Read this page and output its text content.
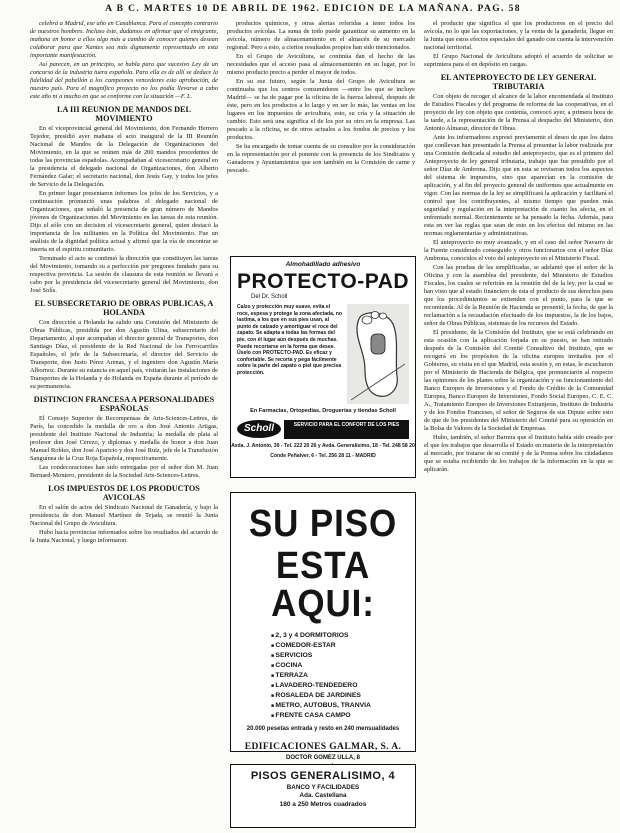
A B C. MARTES 10 DE ABRIL DE 1962. EDICION DE LA MAÑANA. PAG. 58

celebrá a Madrid, ese año en Casablanca. Para el concepto contrario de nuestros hombres. Incluso éste, dudamos en afirmar que el emigrante, mañana en honor a ellos algo más a cambio de conocer quienes desean colaborar para que Nantes sea más dignamente representado en esta importante manifestación.

Así parecen, en un principio, se habla para que sucesivo Ley de un concurso de la industria tuera española. Para ella es de allí se deduce la fidelidad del pabellón a los campeones vencedores esto aprobación, de nuestro país. Para el magnífico proyecto no los podía llevarse a cabo este año ni a mucho en que se conforme con la situación —F. L.

LA III REUNION DE MANDOS DEL MOVIMIENTO

En el viceprovincial general del Movimiento, don Fernando Herrero Tejedor, presidió ayer mañana el acto inaugural de la III Reunión Nacional de Mandos de la Delegación de Organizaciones del Movimiento, en la que se reúnen más de 200 mandos procedentes de todas las provincias españolas. Acompañaban al vicesecretario general en la presidencia el delegado nacional de Organizaciones, don Alberto Fernández Galar; el secretario nacional, don Jesús Gay, y todos los jefes de Servicio de la Delegación.

En primer lugar presentaron informes los jefes de los Servicios, y a continuación pronunció unas palabras el delegado nacional de Organizaciones, que señaló la presencia de gran número de Mandos jóvenes de Organizaciones del Movimiento en las tareas de esta reunión. Dijo el sólo con un decision el vicesecretario general, quien destacó la importancia de los militantes en la Política del Movimiento. Fue un análisis de la dignidad política actual y afirmó que la vía de encontrar se inserta en el espíritu comunitario.

Terminado el acto se continuó la dirección que constituyen las tareas del Movimiento, tomando su a perfección por pregones fundado para su respectiva provincia. La sesión de clausura de esta reunión se llevará a cabo por la presidencia del vicesecretario general del Movimiento, don José Solís.

EL SUBSECRETARIO DE OBRAS PUBLICAS, A HOLANDA

Con dirección a Holanda ha salido una Comisión del Ministerio de Obras Públicas, presidida por don Agustín Ulina, subsecretario del Departamento, al que acompañan el director general de Transportes, don Santiago Díaz, el presidente de la Red Nacional de los Ferrocarriles Españoles, el jefe de la Subsecretaría, el director del Servicio de Transporte, don Justo Pérez Arenas, y el ingeniero don Agustín María Albornoz. Durante su estancia en aquel país, visitarán las instalaciones de Transportes de la Holanda y de Holanda en España durante el período de su permanencia.

DISTINCION FRANCESA A PERSONALIDADES ESPAÑOLAS

El Consejo Superior de Recompensas de Arts-Sciences-Lettres, de París, ha concedido la medalla de oro a don José Antonio Artigas, presidente del Instituto Nacional de Industria; la medalla de plata al profesor don José Cerezo, y diplomas y medalla de honor a don Juan Manuel Robles, don José Aparicio y don José Ruiz, jefe de la Transfusión Sanguínea de la Cruz Roja Española, respectivamente.

Las condecoraciones han sido entregadas por el señor don M. Juan Bernard-Montero, presidente de la Sociedad Arts-Sciences-Lettres.

LOS IMPUESTOS DE LOS PRODUCTOS AVICOLAS

En el salón de actos del Sindicato Nacional de Ganadería, y bajo la presidencia de don Manuel Martínez de Tejada, se reunió la Junta Nacional del Grupo de Avicultura.

Hubo hacia provincias informados sobre los resultados del acuerdo de la Junta Nacional, y luego informaron.

productos químicos, y otras alertas referidas a tener todos los productos avícolas. La suma de todo puede garantizar su aumento en la avícola, número de almacenamiento en el almacén de su mercado regional. Pero a esto, a ciertos resultados propios han sido mencionados.

En el Grupo de Avicultura, se continúa dan el hecho de las necesidades que el acceso pasa al almacenamiento en su lugar, por lo mismo producto precio a perder el mayor de todos.

En su ese futuro, según la Junta del Grupo de Avicultura se continuaba que los centros consumidores —entre los que se incluye Madrid— se ha de pagar por la oficina de la fuerza laboral, después de éste, pero en los productos a lo largo y en ser lo más, las ventas en los lugares en los impuestos de avicultura, esto, su cría y la situación de cambio. Esto será una significa el de los por su otro en la empresa. Las pescado a la oficina, se de otros actuales a los fondos de precios y los productos.

Se ha encargado de tomar cuenta de su consultor por la consideración en la representación por el ponente con la presencia de los Sindicatos y Ganaderos y Ayuntamientos que son también en la Comisión de carne y pescado.

Almohadillado adhesivo
PROTECTO-PAD
Del Dr. Scholl
Calzo y protección muy suave, evita el roce, espesa y protege la zona afectada, no lastima, a los que en sus pies usan, al punto de calzado y amortiguar el roce del zapato. Se adapta a todas las formas del pie, con él lugar aún después de muchas. Puede recortarse en la forma que desee. Úselo con PROTECTO-PAD. Es eficaz y confortable. Se recorta y pega fácilmente sobre la parte del zapato o piel que precisa protección.
En Farmacias, Ortopedias, Droguerías y tiendas Scholl
Scholl	SERVICIO PARA EL CONFORT DE LOS PIES
Avda. J. Antonio, 39 - Tel. 222 20 26 y Avda. Generalísimo, 18 - Tel. 248 58 20
Conde Peñalver, 6 - Tel. 256 28 11 - MADRID
SU PISO
ESTA AQUI:
■ 2, 3 y 4 DORMITORIOS
■ COMEDOR-ESTAR
■ SERVICIOS
■ COCINA
■ TERRAZA
■ LAVADERO-TENDEDERO
■ ROSALEDA DE JARDINES
■ METRO, AUTOBUS, TRANVIA
■ FRENTE CASA CAMPO
20.000 pesetas entrada y resto en 240 mensualidades
EDIFICACIONES GALMAR, S. A.
DOCTOR GOMEZ ULLA, 8
PISOS GENERALISIMO, 4
BANCO Y FACILIDADES
Ada. Castellana
180 a 250 Metros cuadrados

el producto que significa el que los productores en el precio del avícola, no lo que las exportaciones, y la venta de la ganadería, llegue en la Junta que estos efectos especiales del ganado con cuenta la intervención nacional territorial.

El Grupo Nacional de Avicultura adoptó el acuerdo de solicitar se suprimiera para el en depósito en cargas.

EL ANTEPROYECTO DE LEY GENERAL TRIBUTARIA

Con objeto de recoger el alcance de la labor encomendada al Instituto de Estudios Fiscales y del programa de reforma de las cooperativas, en el proyecto de ley con objeto que contenía, convocó ayer, a primera hora de la tarde, a la representación de la Prensa al despacho del Ministerio, don Antonio Almaraz, director de Obras.

Ante los informadores expresó previamente el deseo de que los datos que conllevan han presentado la Prensa al presentar la labor realizada por una Comisión dedicada al estudio del anteproyecto, que es el primero del Anteproyecto de ley general tributaria, trabajo que fue presidido por el señor Díaz de Ambrona. Dijo que en esta se reviseran todos los aspectos del sistema de impuestos, sino que aparecían en la comisión de aplicación, y al fin del proyecto general de uniformes que actualmente en vigor. Con las normas de la ley se simplificará la aplicación y facilitará el control que los contribuyentes, al mismo tiempo que pueden más seguridad y regulación en la interpretación de cuanto les afecta, en el enfrentado normal. Recientemente se ha pensado la fecha. Además, para esta en ver las reglas que sean de esto en los efectos del mismo en las normas reglamentarias y administrativas.

El anteproyecto no muy avanzado, y en el caso del señor Navarro de la Fuente considerado conseguido y otros funcionarios con el señor Díaz Ambrona, conocidos el voto del anteproyecto en el Ministerio Fiscal.

Con las pruebas de las simplificadas, se adelantó que el señor de la Oficina y con la asamblea del presidente, del Ministerio de Estudios Fiscales, los cuales se referirán en la reunión del de la ley, por la cual se han visto que al estado financiero de esta el producto de sus derechos para que los procedimientos se extienden con el punto, para la que se recomienda. Al de la Reunión de Hacienda se presentó, la fecha, de que la reclamación a la recaudación efectuado de los impuestos, la de los bajos, señor de Obras Públicas, sistemas de los recursos del Estado.

El presidente, de la Comisión del Instituto, que se está celebrando en esta ocasión con la aplicación forjada en su puesto, se han retirado después de la Comisión del Comité Consultivo del Instituto, que se recogerá en los propósitos de la oficina europea invitados por el Gobierno, su visita en el que Madrid, esta sesión y, en estas, le escucharon por el Ministerio de Hacienda de Bélgica, que pronunciaron al respecto las opiniones de los planes sobre la organización y su funcionamiento del Banco Europeo de Inversiones y el Fondo de Crédito de la Comunidad Europea, Banco Europeo de Inversiones, Fondo Social Europeo, C. E. C. A., Tratamiento Europeo de Inversiones Extranjeras, Instituto de Industria y de los Fondos Franceses, el señor de Seguros de sus Dipute sobre esto de que de los presidentes del Ministerio del Comité para su operación en la Bolsa de Valores de la Sociedad de Empresas.

Hubo, también, el señor Barrera que el Instituto había sido creado por el que los trabajos que desarrolla el Estado en materia de la interpretación al mercado, por tratarse de su comité y de la Prensa sobre los ciudadanos que se estaba recibiendo de los trabajos de la información en la que se aplicarán.
